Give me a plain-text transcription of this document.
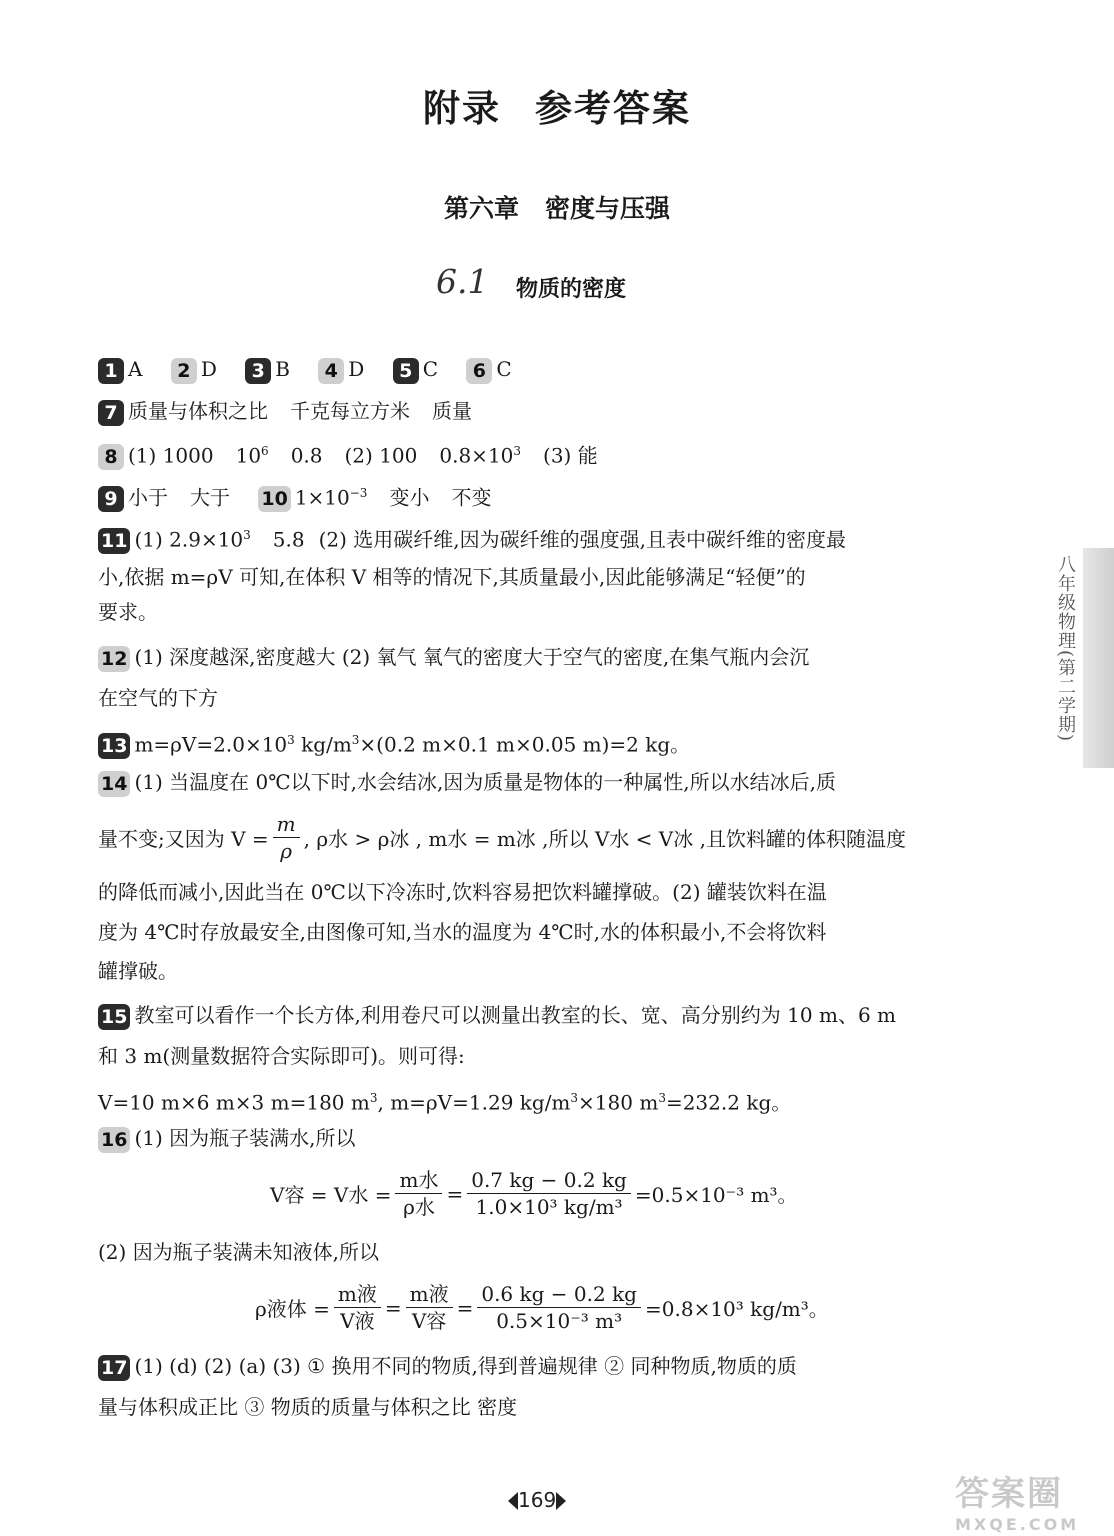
附录 参考答案
第六章 密度与压强
6.1 物质的密度
1 A 2 D 3 B 4 D 5 C 6 C
7 质量与体积之比 千克每立方米 质量
8 (1) 1000 $10^6$ 0.8 (2) 100 $0.8\times 10^3$ (3) 能
9 小于 大于 10 $1\times 10^{-3}$ 变小 不变
11 (1) $2.9\times 10^3$ 5.8 (2) 选用碳纤维,因为碳纤维的强度强,且表中碳纤维的密度最
小,依据 m=ρV 可知,在体积 V 相等的情况下,其质量最小,因此能够满足“轻便”的
要求。
12 (1) 深度越深,密度越大 (2) 氧气 氧气的密度大于空气的密度,在集气瓶内会沉
在空气的下方
13 $m=\rho V=2.0\times 10^3$ $kg/m^3\times(0.2$ m×0.1 m×0.05 m)=2 kg。
14 (1) 当温度在 0℃以下时,水会结冰,因为质量是物体的一种属性,所以水结冰后,质
量不变;又因为 $V = \frac{m}{\rho}$ , ρ水 > ρ冰 , m水 = m冰 ,所以 V水 < V冰 ,且饮料罐的体积随温度
的降低而减小,因此当在 0℃以下冷冻时,饮料容易把饮料罐撑破。(2) 罐装饮料在温
度为 4℃时存放最安全,由图像可知,当水的温度为 4℃时,水的体积最小,不会将饮料
罐撑破。
15 教室可以看作一个长方体,利用卷尺可以测量出教室的长、宽、高分别约为 10 m、6 m
和 3 m(测量数据符合实际即可)。则可得:
V=10 m×6 m×3 m=180 $m^3$, m=ρV=1.29 $kg/m^3\times 180$ $m^3=232.2$ kg。
16 (1) 因为瓶子装满水,所以
V容 = V水 = $\frac{\text{m水}}{\text{ρ水}} = \frac{0.7 kg - 0.2 kg}{\text{1.0×10³ kg/m³}} =0.5\times 10^{-3}$ m³。
(2) 因为瓶子装满未知液体,所以
ρ液体 = $\frac{\text{m液}}{\text{V液}} = \frac{\text{m液}}{\text{V容}} = \frac{0.6 kg - 0.2 kg}{\text{0.5×10⁻³ m³}} =0.8\times 10^3$ kg/m³。
17 (1) (d) (2) (a) (3) ① 换用不同的物质,得到普遍规律 ② 同种物质,物质的质
量与体积成正比 ③ 物质的质量与体积之比 密度
八年级物理(第二学期)
169	答案圈
MXQE.COM
